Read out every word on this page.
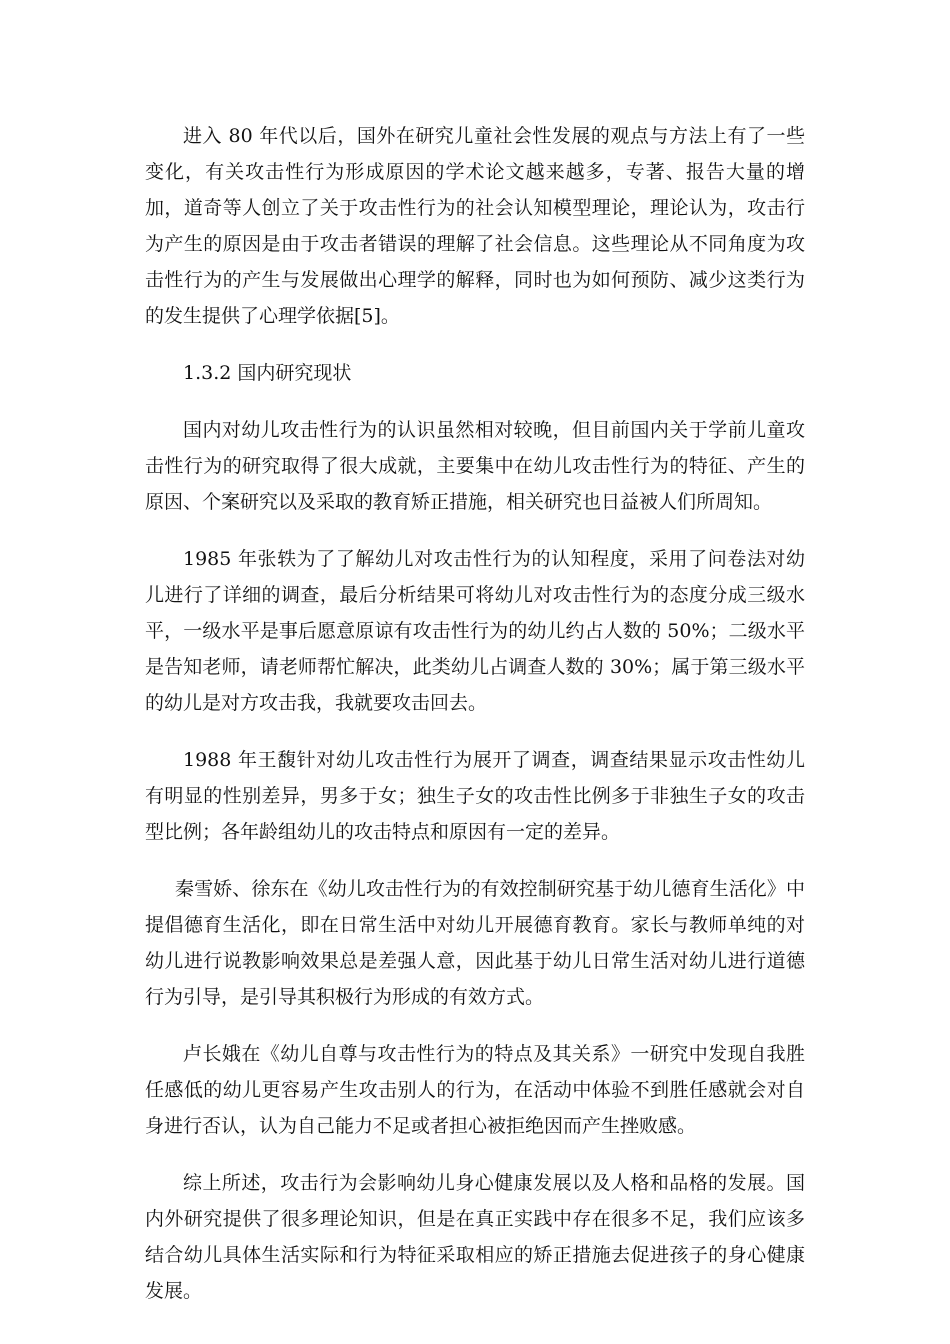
进入 80 年代以后，国外在研究儿童社会性发展的观点与方法上有了一些变化，有关攻击性行为形成原因的学术论文越来越多，专著、报告大量的增加，道奇等人创立了关于攻击性行为的社会认知模型理论，理论认为，攻击行为产生的原因是由于攻击者错误的理解了社会信息。这些理论从不同角度为攻击性行为的产生与发展做出心理学的解释，同时也为如何预防、减少这类行为的发生提供了心理学依据[5]。

1.3.2 国内研究现状

国内对幼儿攻击性行为的认识虽然相对较晚，但目前国内关于学前儿童攻击性行为的研究取得了很大成就，主要集中在幼儿攻击性行为的特征、产生的原因、个案研究以及采取的教育矫正措施，相关研究也日益被人们所周知。

1985 年张轶为了了解幼儿对攻击性行为的认知程度，采用了问卷法对幼儿进行了详细的调查，最后分析结果可将幼儿对攻击性行为的态度分成三级水平，一级水平是事后愿意原谅有攻击性行为的幼儿约占人数的 50%；二级水平是告知老师，请老师帮忙解决，此类幼儿占调查人数的 30%；属于第三级水平的幼儿是对方攻击我，我就要攻击回去。

1988 年王馥针对幼儿攻击性行为展开了调查，调查结果显示攻击性幼儿有明显的性别差异，男多于女；独生子女的攻击性比例多于非独生子女的攻击型比例；各年龄组幼儿的攻击特点和原因有一定的差异。

秦雪娇、徐东在《幼儿攻击性行为的有效控制研究基于幼儿德育生活化》中提倡德育生活化，即在日常生活中对幼儿开展德育教育。家长与教师单纯的对幼儿进行说教影响效果总是差强人意，因此基于幼儿日常生活对幼儿进行道德行为引导，是引导其积极行为形成的有效方式。

卢长娥在《幼儿自尊与攻击性行为的特点及其关系》一研究中发现自我胜任感低的幼儿更容易产生攻击别人的行为，在活动中体验不到胜任感就会对自身进行否认，认为自己能力不足或者担心被拒绝因而产生挫败感。

综上所述，攻击行为会影响幼儿身心健康发展以及人格和品格的发展。国内外研究提供了很多理论知识，但是在真正实践中存在很多不足，我们应该多结合幼儿具体生活实际和行为特征采取相应的矫正措施去促进孩子的身心健康发展。
